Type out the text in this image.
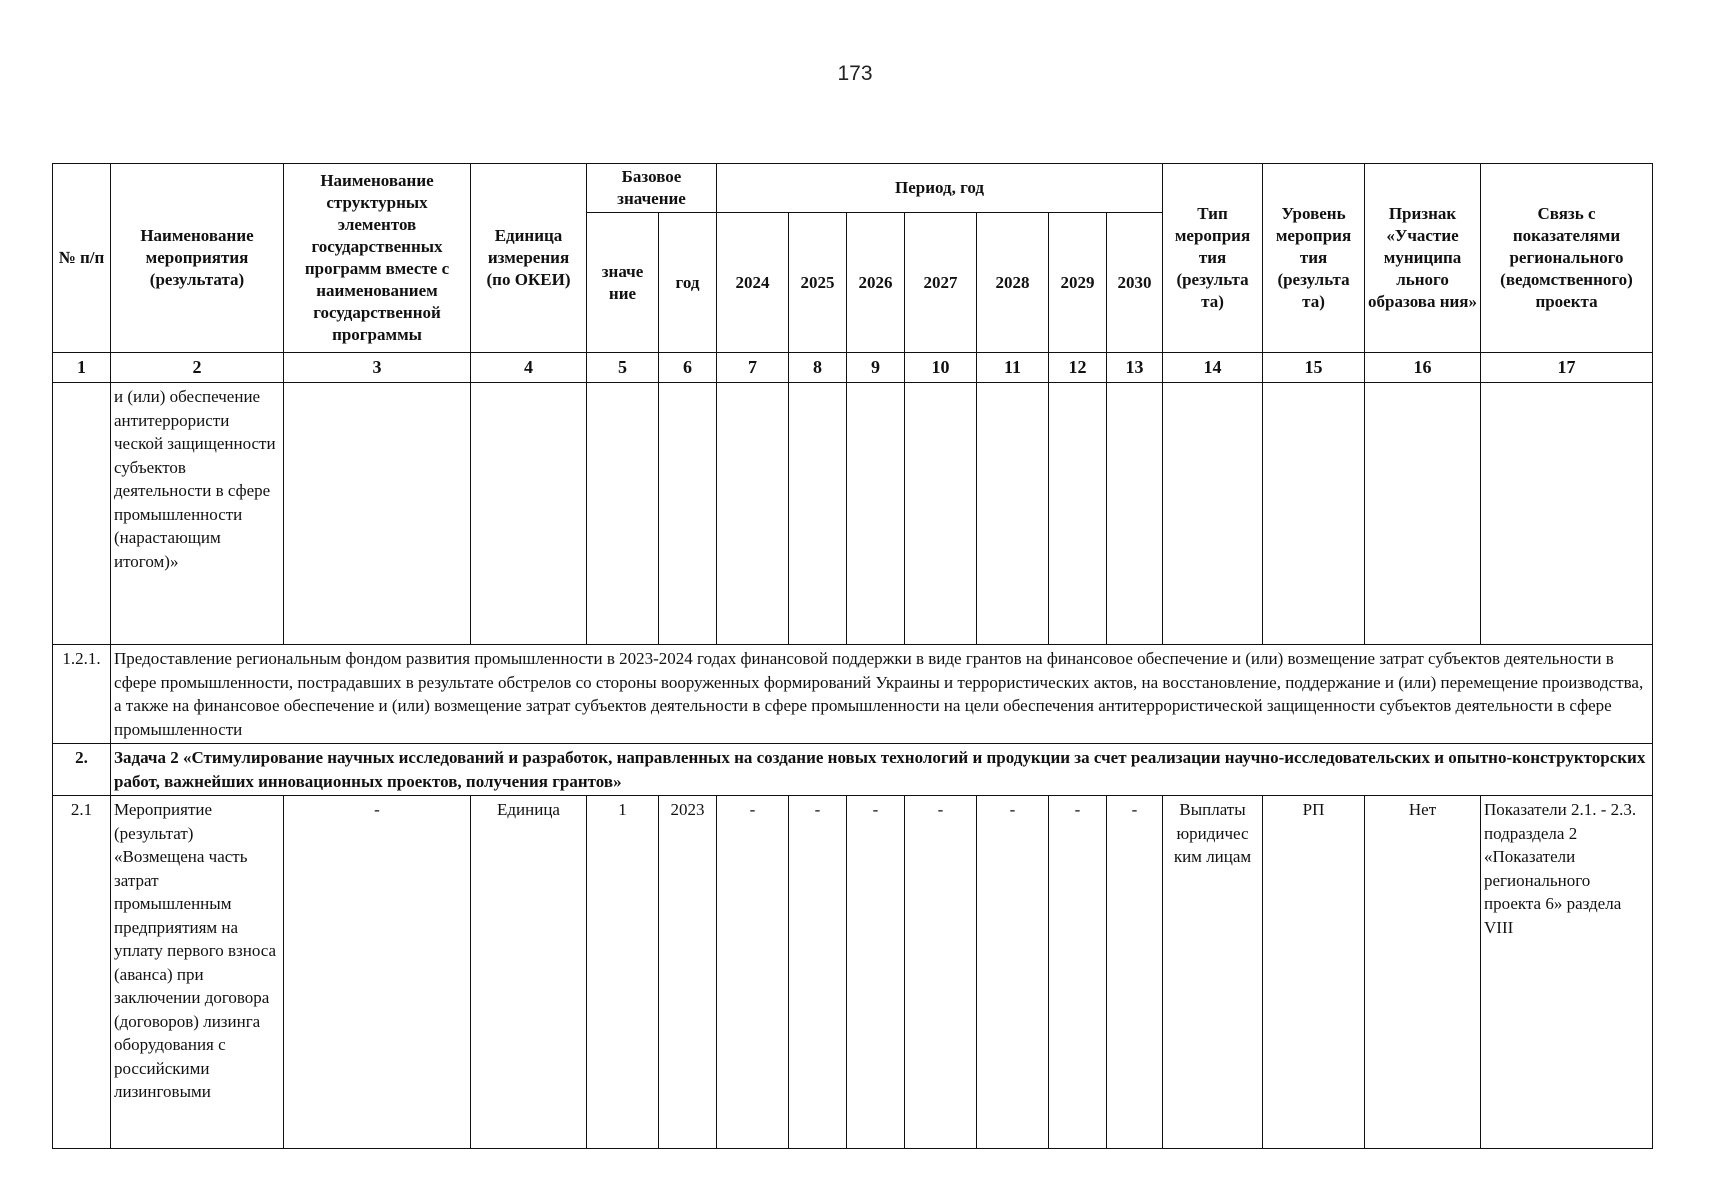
173
№ п/п	Наименование мероприятия (результата)	Наименование структурных элементов государственных программ вместе с наименованием государственной программы	Единица измерения (по ОКЕИ)	Базовое значение		Период, год							Тип мероприя тия (результа та)	Уровень мероприя тия (результа та)	Признак «Участие муниципа льного образова ния»	Связь с показателями регионального (ведомственного) проекта
				значе ние	год	2024	2025	2026	2027	2028	2029	2030				
1	2	3	4	5	6	7	8	9	10	11	12	13	14	15	16	17
	и (или) обеспечение антитеррористи ческой защищенности субъектов деятельности в сфере промышленности (нарастающим итогом)»															
1.2.1.	Предоставление региональным фондом развития промышленности в 2023-2024 годах финансовой поддержки в виде грантов на финансовое обеспечение и (или) возмещение затрат субъектов деятельности в сфере промышленности, пострадавших в результате обстрелов со стороны вооруженных формирований Украины и террористических актов, на восстановление, поддержание и (или) перемещение производства, а также на финансовое обеспечение и (или) возмещение затрат субъектов деятельности в сфере промышленности на цели обеспечения антитеррористической защищенности субъектов деятельности в сфере промышленности															
2.	Задача 2 «Стимулирование научных исследований и разработок, направленных на создание новых технологий и продукции за счет реализации научно-исследовательских и опытно-конструкторских работ, важнейших инновационных проектов, получения грантов»															
2.1	Мероприятие (результат) «Возмещена часть затрат промышленным предприятиям на уплату первого взноса (аванса) при заключении договора (договоров) лизинга оборудования с российскими лизинговыми	-	Единица	1	2023	-	-	-	-	-	-	-	Выплаты юридичес ким лицам	РП	Нет	Показатели 2.1. - 2.3. подраздела 2 «Показатели регионального проекта 6» раздела VIII
